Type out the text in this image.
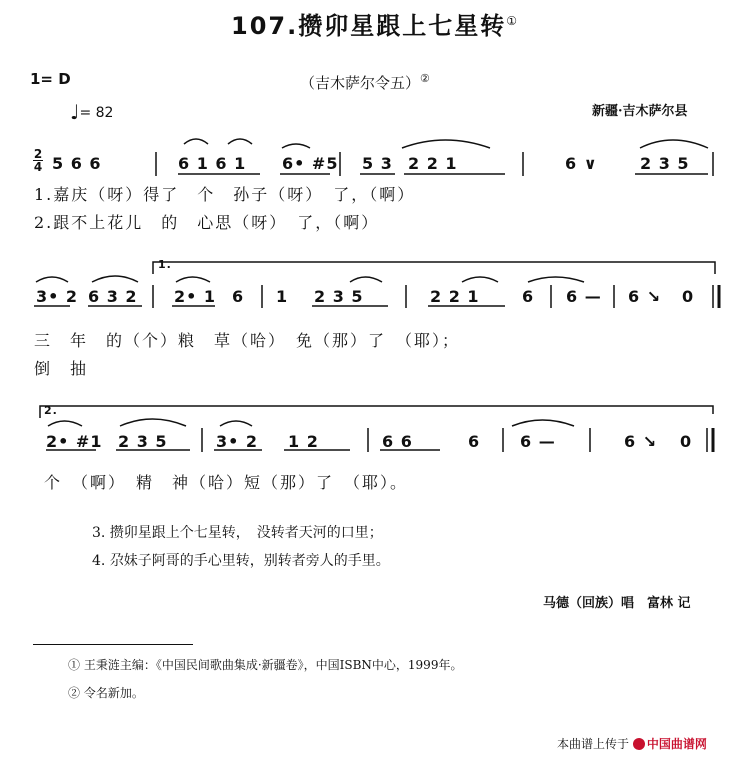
107.攒卯星跟上七星转①
1= D	（吉木萨尔令五）②
♩= 82	新疆·吉木萨尔县
2
4 5 6 6	6 1 6 1 6• #5 5 3 2 2 1	6 ∨	2 3 5
1.嘉庆（呀）得了　个　孙子（呀）　了，（啊）
2.跟不上花儿　的　心思（呀）　了，（啊）
1.
3• 2 6 3 2 2• 1 6 1 2 3 5	2 2 1	6 6 — 6 ↘ 0
三　年　的（个）粮　草（哈）　免（那）了　（耶）；
倒　抽
2.
2• #1 2 3 5	3• 2 1 2	6 6	6 6 —	6 ↘ 0
个　（啊）　精　神（哈）短（那）了　（耶）。
3. 攒卯星跟上个七星转，　没转者天河的口里；
4. 尕妹子阿哥的手心里转，别转者旁人的手里。
马德（回族）唱　富林 记
① 王秉涟主编：《中国民间歌曲集成·新疆卷》，中国ISBN中心，1999年。
② 令名新加。
本曲谱上传于 中国曲谱网
